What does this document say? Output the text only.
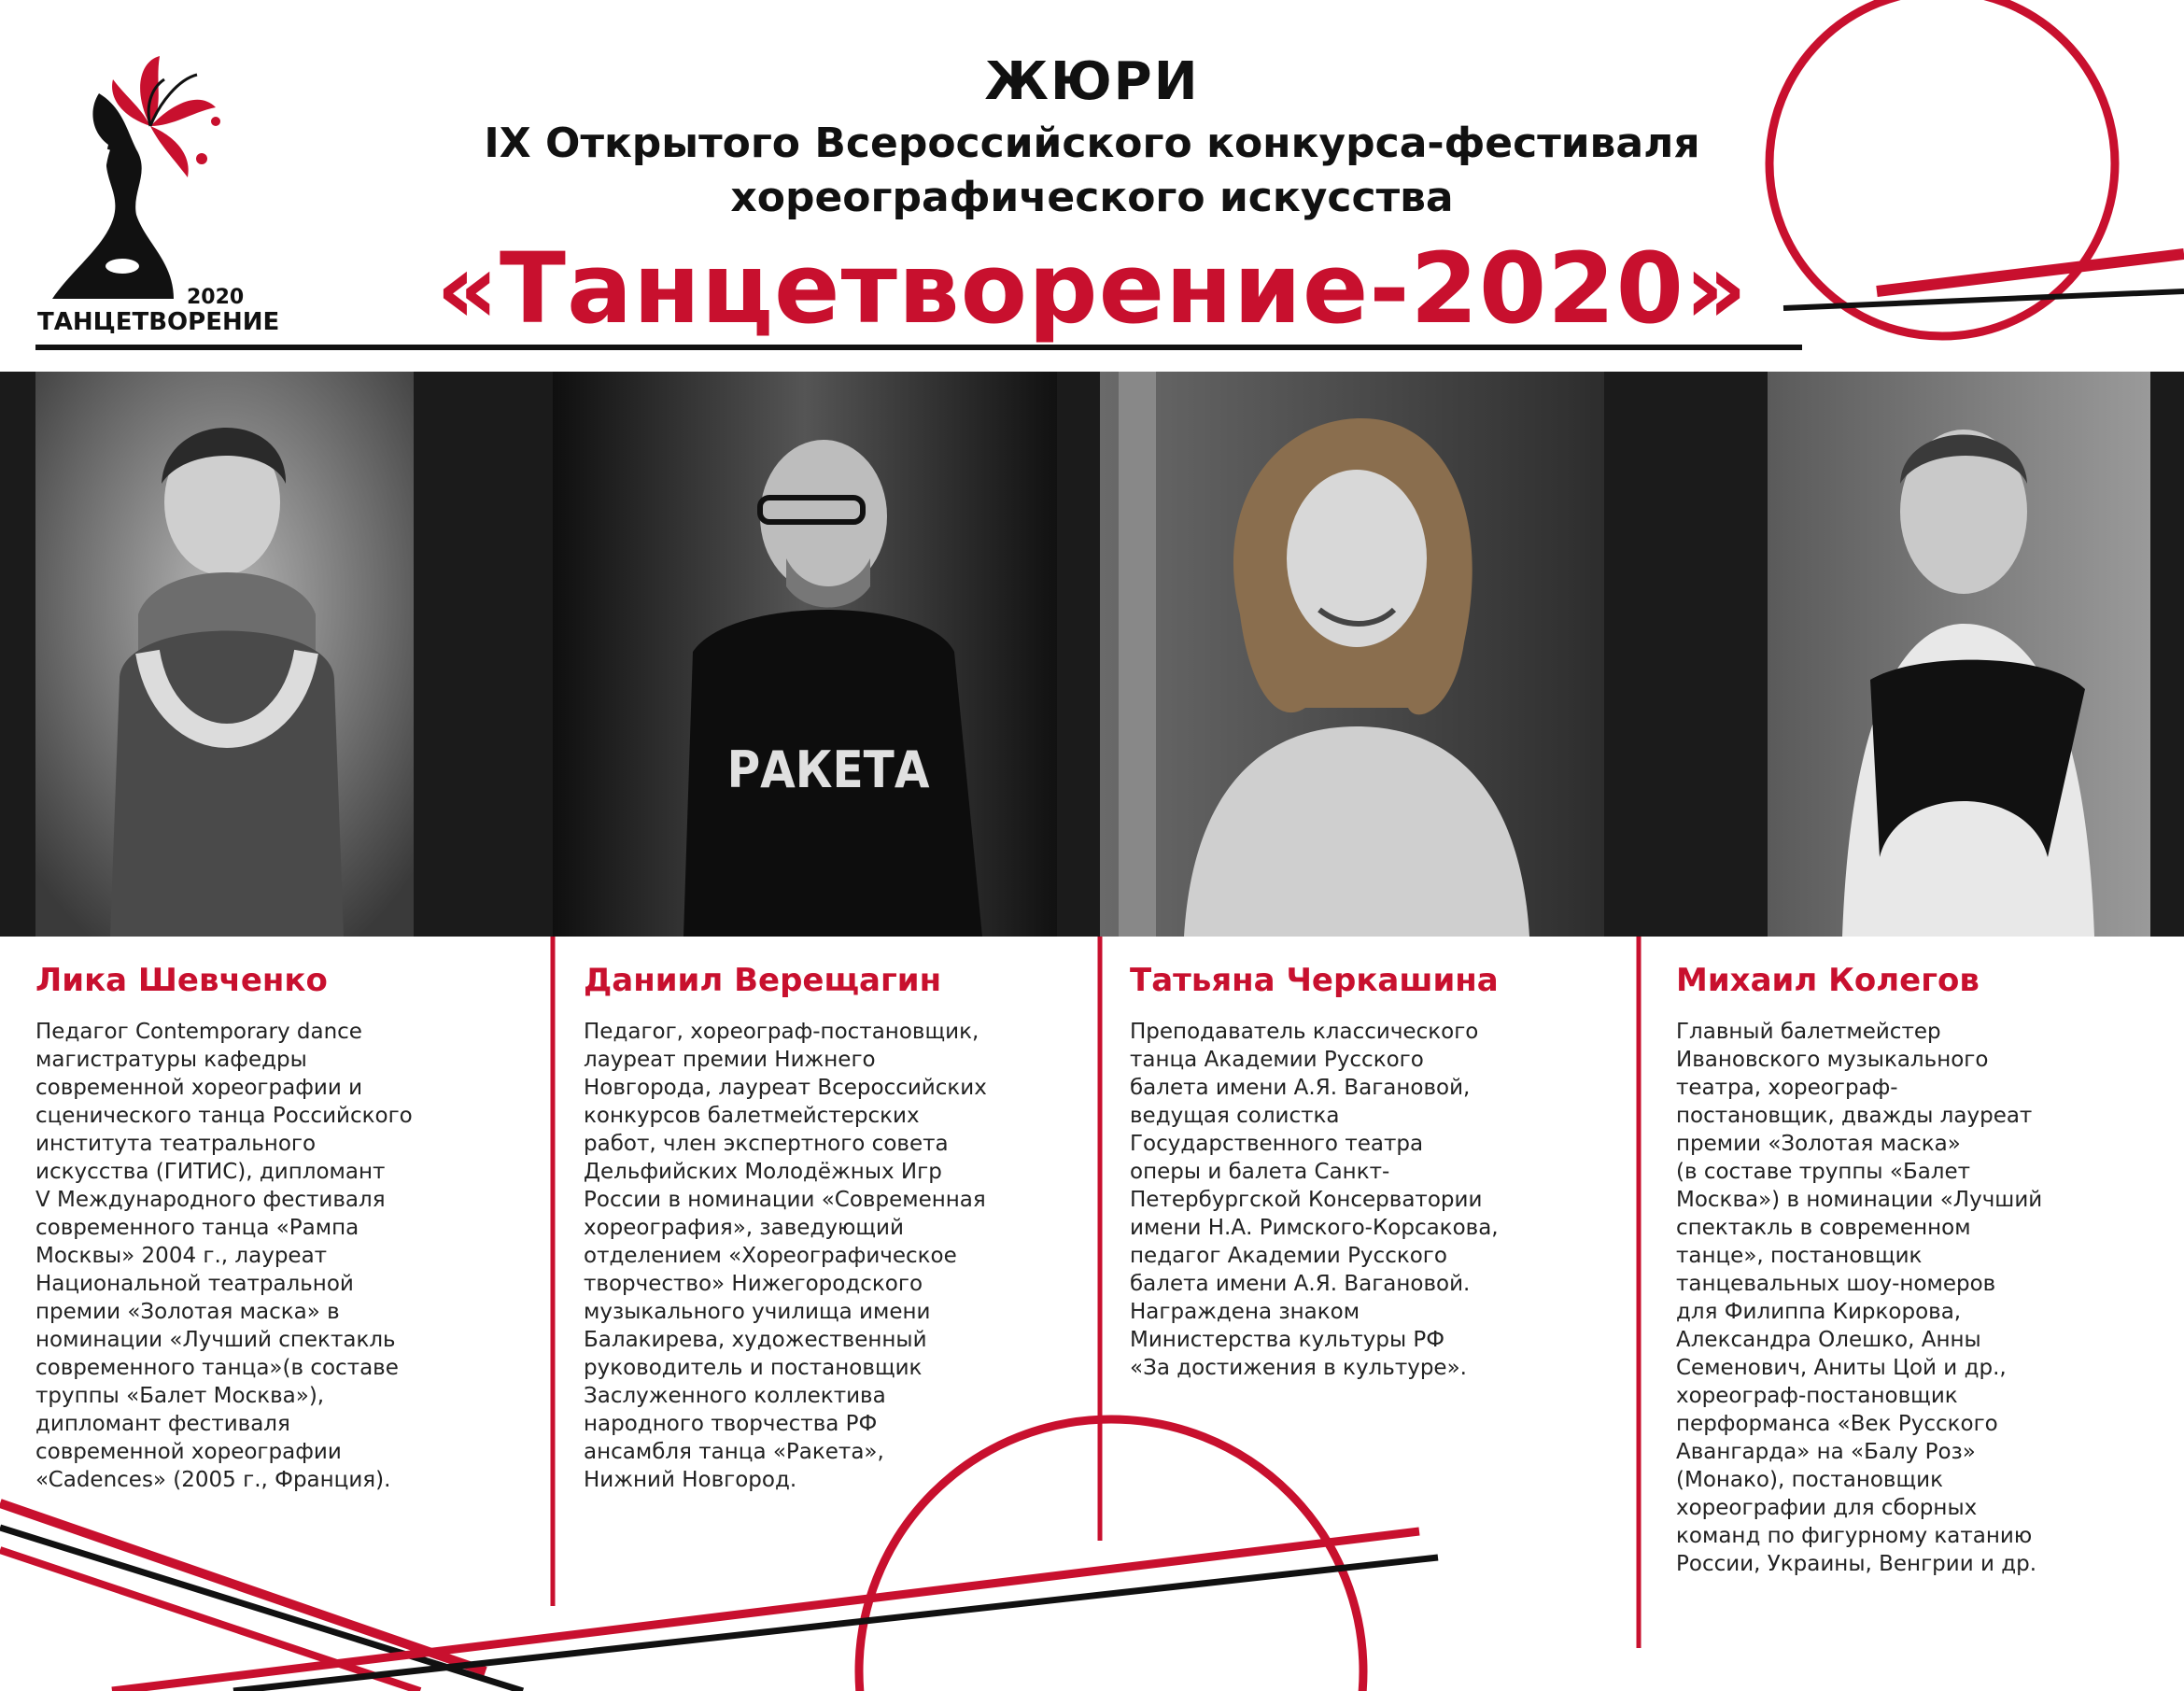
2020
ТАНЦЕТВОРЕНИЕ
ЖЮРИ
IX Открытого Всероссийского конкурса-фестиваля
хореографического искусства
«Танцетворение-2020»
РАКЕТА
Лика Шевченко
Педагог Contemporary dance
магистратуры кафедры
современной хореографии и
сценического танца Российского
института театрального
искусства (ГИТИС), дипломант
V Международного фестиваля
современного танца «Рампа
Москвы» 2004 г., лауреат
Национальной театральной
премии «Золотая маска» в
номинации «Лучший спектакль
современного танца»(в составе
труппы «Балет Москва»),
дипломант фестиваля
современной хореографии
«Cadences» (2005 г., Франция).
Даниил Верещагин
Педагог, хореограф-постановщик,
лауреат премии Нижнего
Новгорода, лауреат Всероссийских
конкурсов балетмейстерских
работ, член экспертного совета
Дельфийских Молодёжных Игр
России в номинации «Современная
хореография», заведующий
отделением «Хореографическое
творчество» Нижегородского
музыкального училища имени
Балакирева, художественный
руководитель и постановщик
Заслуженного коллектива
народного творчества РФ
ансамбля танца «Ракета»,
Нижний Новгород.
Татьяна Черкашина
Преподаватель классического
танца Академии Русского
балета имени А.Я. Вагановой,
ведущая солистка
Государственного театра
оперы и балета Санкт-
Петербургской Консерватории
имени Н.А. Римского-Корсакова,
педагог Академии Русского
балета имени А.Я. Вагановой.
Награждена знаком
Министерства культуры РФ
«За достижения в культуре».
Михаил Колегов
Главный балетмейстер
Ивановского музыкального
театра, хореограф-
постановщик, дважды лауреат
премии «Золотая маска»
(в составе труппы «Балет
Москва») в номинации «Лучший
спектакль в современном
танце», постановщик
танцевальных шоу-номеров
для Филиппа Киркорова,
Александра Олешко, Анны
Семенович, Аниты Цой и др.,
хореограф-постановщик
перформанса «Век Русского
Авангарда» на «Балу Роз»
(Монако), постановщик
хореографии для сборных
команд по фигурному катанию
России, Украины, Венгрии и др.
